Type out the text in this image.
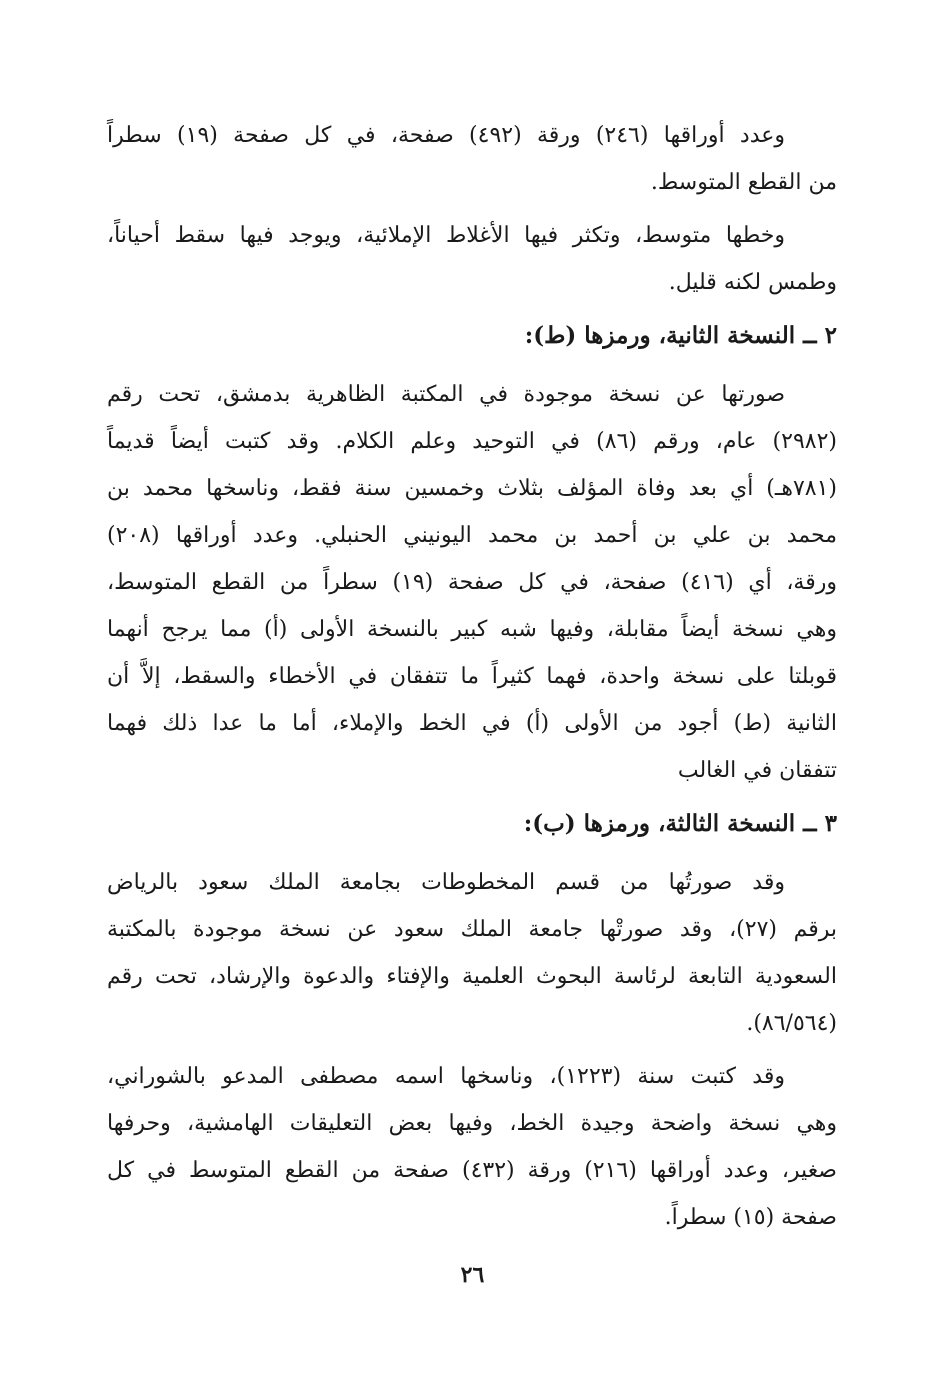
وعدد أوراقها (٢٤٦) ورقة (٤٩٢) صفحة، في كل صفحة (١٩) سطراً
من القطع المتوسط.
وخطها متوسط، وتكثر فيها الأغلاط الإملائية، ويوجد فيها سقط أحياناً،
وطمس لكنه قليل.
٢ ــ النسخة الثانية، ورمزها (ط):
صورتها عن نسخة موجودة في المكتبة الظاهرية بدمشق، تحت رقم
(٢٩٨٢) عام، ورقم (٨٦) في التوحيد وعلم الكلام. وقد كتبت أيضاً قديماً
(٧٨١هـ) أي بعد وفاة المؤلف بثلاث وخمسين سنة فقط، وناسخها محمد بن
محمد بن علي بن أحمد بن محمد اليونيني الحنبلي. وعدد أوراقها (٢٠٨)
ورقة، أي (٤١٦) صفحة، في كل صفحة (١٩) سطراً من القطع المتوسط،
وهي نسخة أيضاً مقابلة، وفيها شبه كبير بالنسخة الأولى (أ) مما يرجح أنهما
قوبلتا على نسخة واحدة، فهما كثيراً ما تتفقان في الأخطاء والسقط، إلاَّ أن
الثانية (ط) أجود من الأولى (أ) في الخط والإملاء، أما ما عدا ذلك فهما
تتفقان في الغالب
٣ ــ النسخة الثالثة، ورمزها (ب):
وقد صورتُها من قسم المخطوطات بجامعة الملك سعود بالرياض
برقم (٢٧)، وقد صورتْها جامعة الملك سعود عن نسخة موجودة بالمكتبة
السعودية التابعة لرئاسة البحوث العلمية والإفتاء والدعوة والإرشاد، تحت رقم
(٨٦/٥٦٤).
وقد كتبت سنة (١٢٢٣)، وناسخها اسمه مصطفى المدعو بالشوراني،
وهي نسخة واضحة وجيدة الخط، وفيها بعض التعليقات الهامشية، وحرفها
صغير، وعدد أوراقها (٢١٦) ورقة (٤٣٢) صفحة من القطع المتوسط في كل
صفحة (١٥) سطراً.
٢٦
